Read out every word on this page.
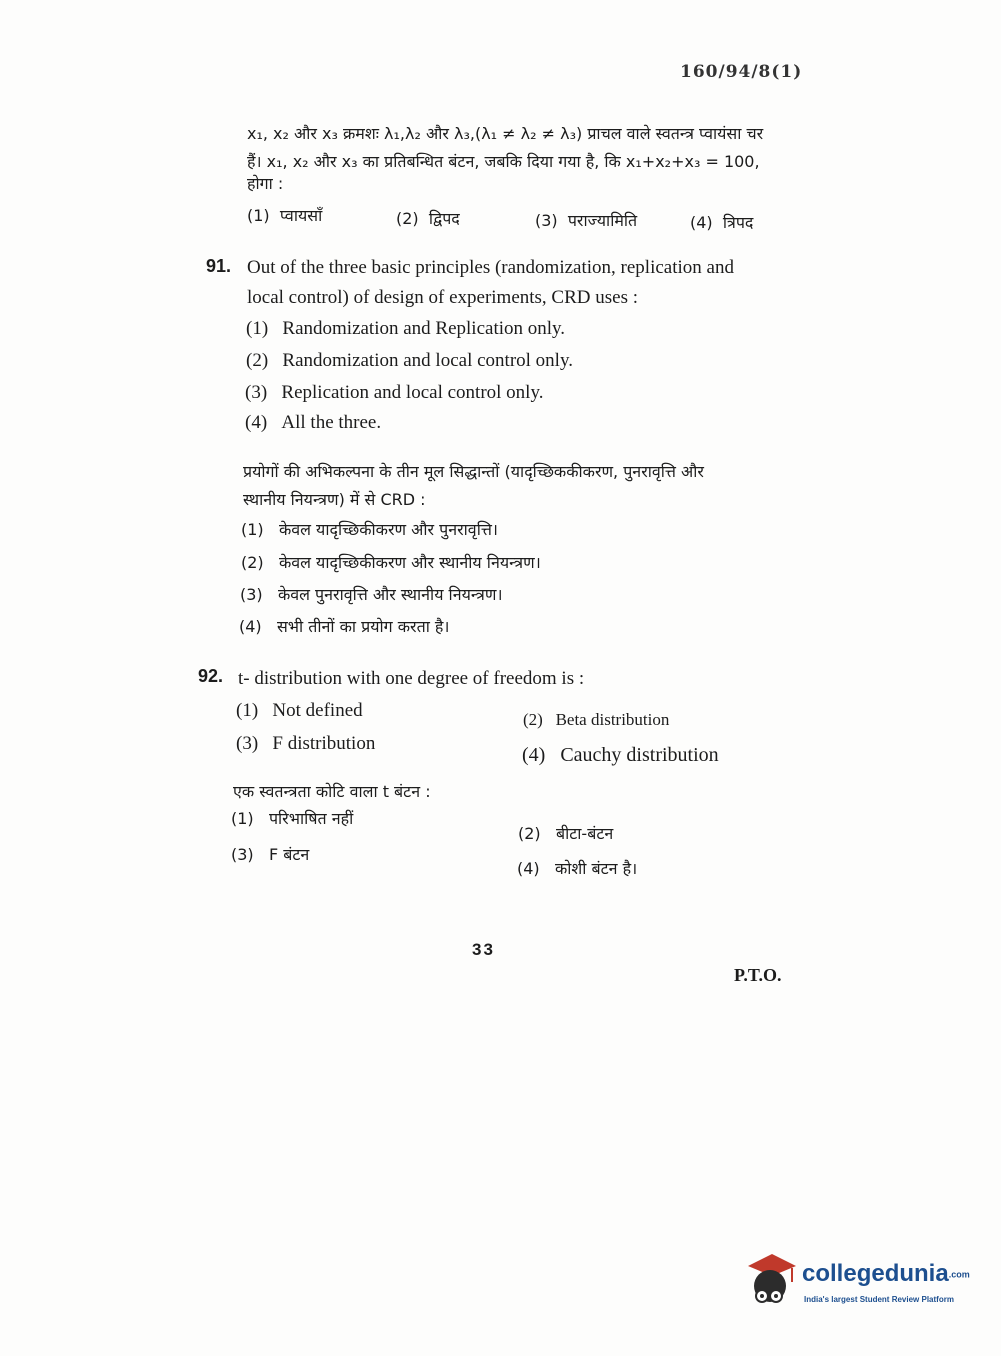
160/94/8(1)
x₁, x₂ और x₃ क्रमशः λ₁,λ₂ और λ₃,(λ₁ ≠ λ₂ ≠ λ₃) प्राचल वाले स्वतन्त्र प्वायंसा चर
हैं। x₁, x₂ और x₃ का प्रतिबन्धित बंटन, जबकि दिया गया है, कि x₁+x₂+x₃ = 100,
होगा :
(1) प्वायसाँ	(2) द्विपद	(3) पराज्यामिति	(4) त्रिपद
91. Out of the three basic principles (randomization, replication and
local control) of design of experiments, CRD uses :
(1) Randomization and Replication only.
(2) Randomization and local control only.
(3) Replication and local control only.
(4) All the three.
प्रयोगों की अभिकल्पना के तीन मूल सिद्धान्तों (यादृच्छिककीकरण, पुनरावृत्ति और
स्थानीय नियन्त्रण) में से CRD :
(1) केवल यादृच्छिकीकरण और पुनरावृत्ति।
(2) केवल यादृच्छिकीकरण और स्थानीय नियन्त्रण।
(3) केवल पुनरावृत्ति और स्थानीय नियन्त्रण।
(4) सभी तीनों का प्रयोग करता है।
92. t- distribution with one degree of freedom is :
(1) Not defined	(2) Beta distribution
(3) F distribution
(4) Cauchy distribution
एक स्वतन्त्रता कोटि वाला t बंटन :
(1) परिभाषित नहीं
(2) बीटा-बंटन
(3) F बंटन
(4) कोशी बंटन है।
33
P.T.O.
collegedunia.com
India's largest Student Review Platform
